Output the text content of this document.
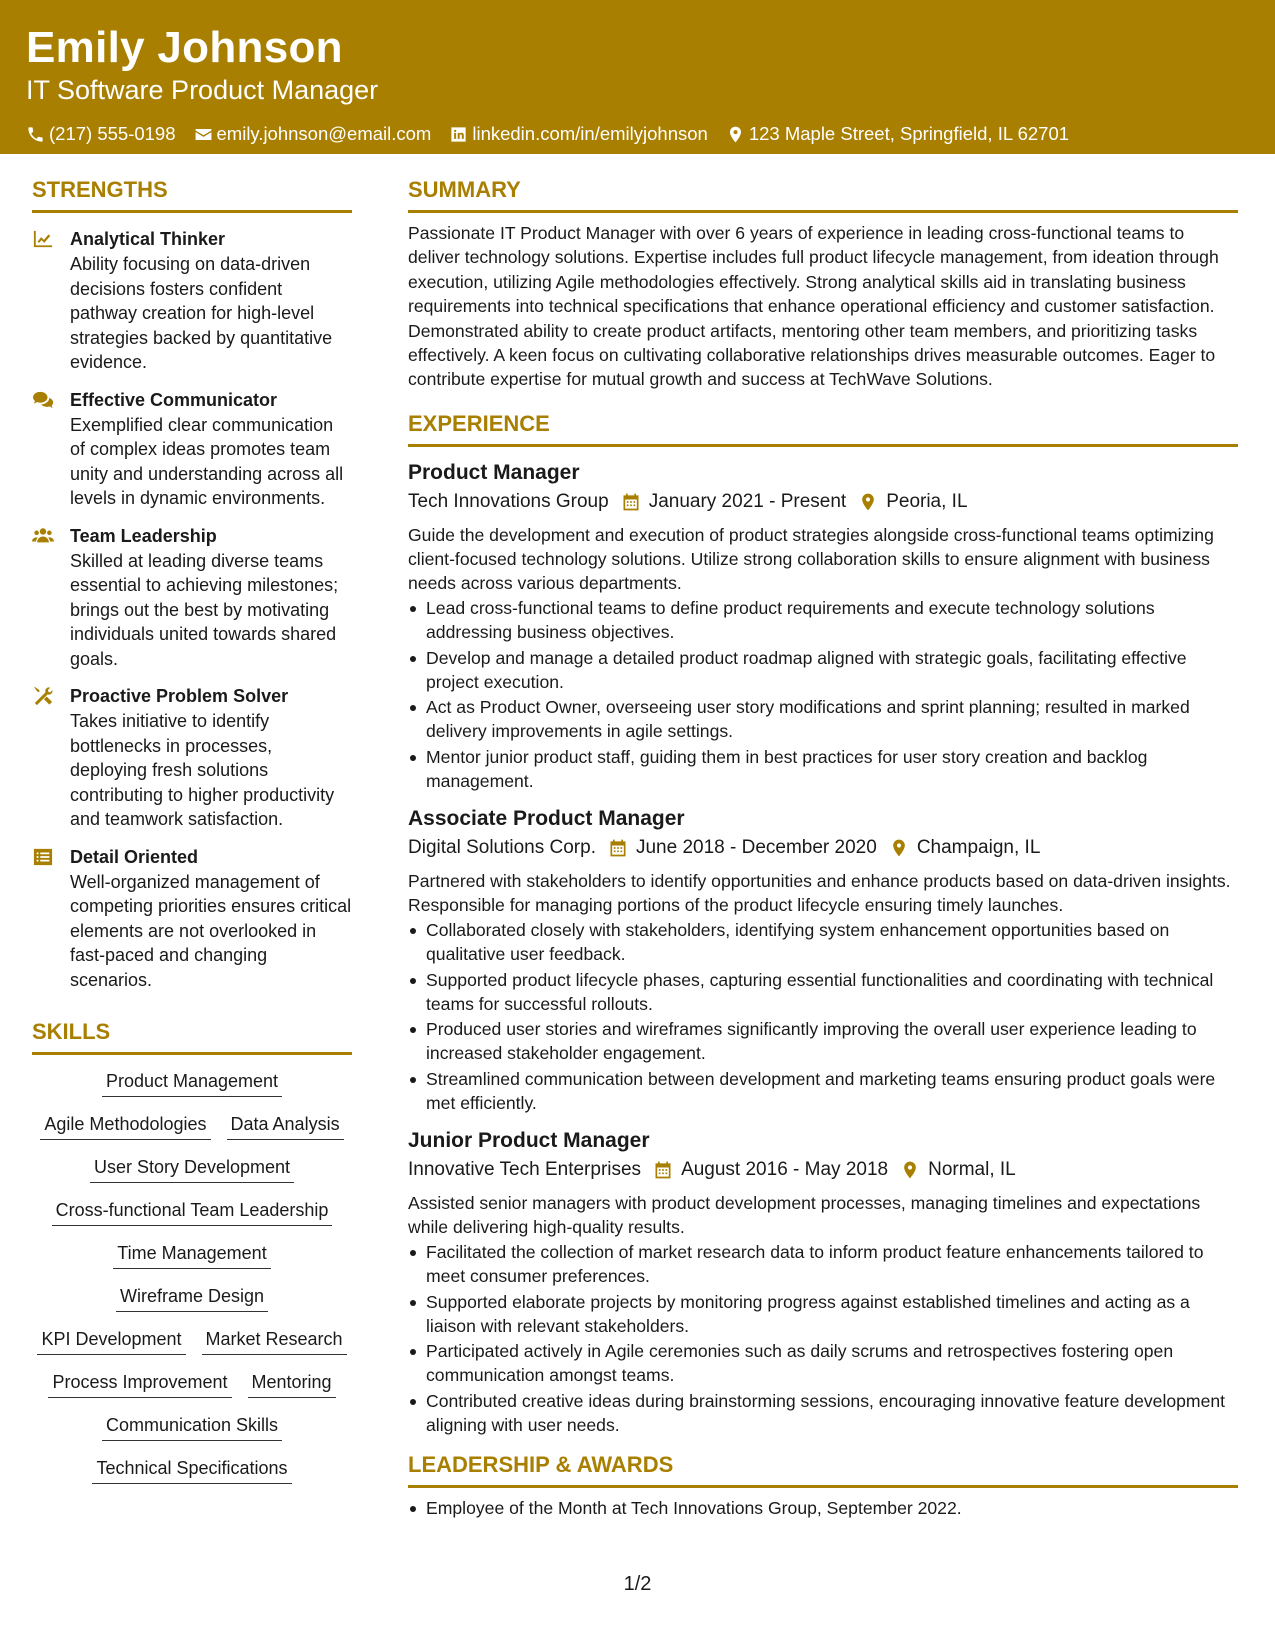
Emily Johnson
IT Software Product Manager
(217) 555-0198 emily.johnson@email.com linkedin.com/in/emilyjohnson 123 Maple Street, Springfield, IL 62701
STRENGTHS
Analytical Thinker
Ability focusing on data-driven decisions fosters confident pathway creation for high-level strategies backed by quantitative evidence.
Effective Communicator
Exemplified clear communication of complex ideas promotes team unity and understanding across all levels in dynamic environments.
Team Leadership
Skilled at leading diverse teams essential to achieving milestones; brings out the best by motivating individuals united towards shared goals.
Proactive Problem Solver
Takes initiative to identify bottlenecks in processes, deploying fresh solutions contributing to higher productivity and teamwork satisfaction.
Detail Oriented
Well-organized management of competing priorities ensures critical elements are not overlooked in fast-paced and changing scenarios.
SKILLS
Product Management
Agile Methodologies Data Analysis
User Story Development
Cross-functional Team Leadership
Time Management
Wireframe Design
KPI Development Market Research
Process Improvement Mentoring
Communication Skills
Technical Specifications
SUMMARY
Passionate IT Product Manager with over 6 years of experience in leading cross-functional teams to deliver technology solutions. Expertise includes full product lifecycle management, from ideation through execution, utilizing Agile methodologies effectively. Strong analytical skills aid in translating business requirements into technical specifications that enhance operational efficiency and customer satisfaction. Demonstrated ability to create product artifacts, mentoring other team members, and prioritizing tasks effectively. A keen focus on cultivating collaborative relationships drives measurable outcomes. Eager to contribute expertise for mutual growth and success at TechWave Solutions.
EXPERIENCE
Product Manager
Tech Innovations Group January 2021 - Present Peoria, IL
Guide the development and execution of product strategies alongside cross-functional teams optimizing client-focused technology solutions. Utilize strong collaboration skills to ensure alignment with business needs across various departments.
Lead cross-functional teams to define product requirements and execute technology solutions addressing business objectives.
Develop and manage a detailed product roadmap aligned with strategic goals, facilitating effective project execution.
Act as Product Owner, overseeing user story modifications and sprint planning; resulted in marked delivery improvements in agile settings.
Mentor junior product staff, guiding them in best practices for user story creation and backlog management.
Associate Product Manager
Digital Solutions Corp. June 2018 - December 2020 Champaign, IL
Partnered with stakeholders to identify opportunities and enhance products based on data-driven insights. Responsible for managing portions of the product lifecycle ensuring timely launches.
Collaborated closely with stakeholders, identifying system enhancement opportunities based on qualitative user feedback.
Supported product lifecycle phases, capturing essential functionalities and coordinating with technical teams for successful rollouts.
Produced user stories and wireframes significantly improving the overall user experience leading to increased stakeholder engagement.
Streamlined communication between development and marketing teams ensuring product goals were met efficiently.
Junior Product Manager
Innovative Tech Enterprises August 2016 - May 2018 Normal, IL
Assisted senior managers with product development processes, managing timelines and expectations while delivering high-quality results.
Facilitated the collection of market research data to inform product feature enhancements tailored to meet consumer preferences.
Supported elaborate projects by monitoring progress against established timelines and acting as a liaison with relevant stakeholders.
Participated actively in Agile ceremonies such as daily scrums and retrospectives fostering open communication amongst teams.
Contributed creative ideas during brainstorming sessions, encouraging innovative feature development aligning with user needs.
LEADERSHIP & AWARDS
Employee of the Month at Tech Innovations Group, September 2022.
1/2
